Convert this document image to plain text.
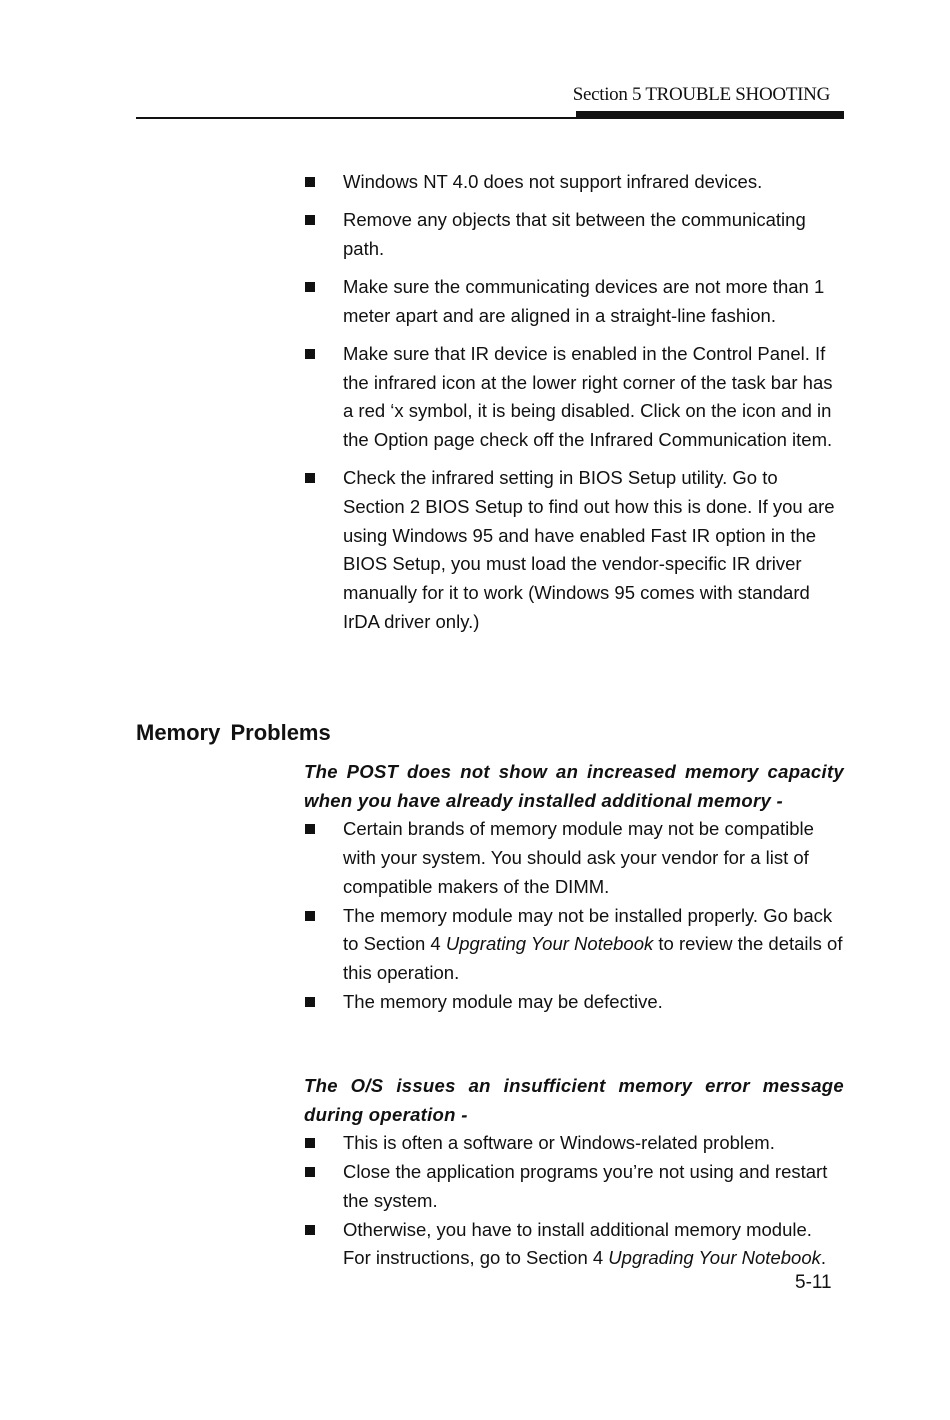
Section 5 TROUBLE SHOOTING
Windows NT 4.0 does not support infrared devices.
Remove any objects that sit between the communicating path.
Make sure the communicating devices are not more than 1 meter apart and are aligned in a straight-line fashion.
Make sure that IR device is enabled in the Control Panel. If the infrared icon at the lower right corner of the task bar has a red ‘x symbol, it is being disabled. Click on the icon and in the Option page check off the Infrared Communication item.
Check the infrared setting in BIOS Setup utility. Go to Section 2 BIOS Setup to find out how this is done. If you are using Windows 95 and have enabled Fast IR option in the BIOS Setup, you must load the vendor-specific IR driver manually for it to work (Windows 95 comes with standard IrDA driver only.)
Memory Problems
The POST does not show an increased memory capacity when you have already installed additional memory -
Certain brands of memory module may not be compatible with your system. You should ask your vendor for a list of compatible makers of the DIMM.
The memory module may not be installed properly. Go back to Section 4 Upgrating Your Notebook to review the details of this operation.
The memory module may be defective.
The O/S issues an insufficient memory error message during operation -
This is often a software or Windows-related problem.
Close the application programs you’re not using and restart the system.
Otherwise, you have to install additional memory module. For instructions, go to Section 4 Upgrading Your Notebook.
5-11
